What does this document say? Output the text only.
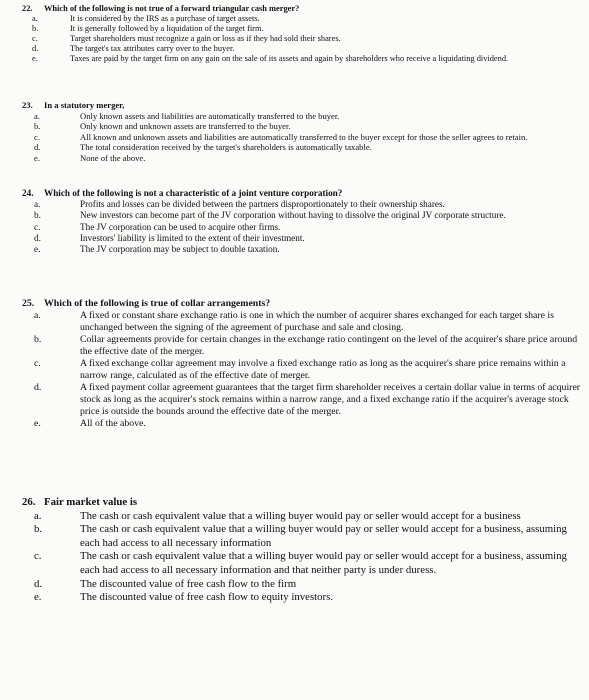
22.	Which of the following is not true of a forward triangular cash merger?
a.	It is considered by the IRS as a purchase of target assets.
b.	It is generally followed by a liquidation of the target firm.
c.	Target shareholders must recognize a gain or loss as if they had sold their shares.
d.	The target's tax attributes carry over to the buyer.
e.	Taxes are paid by the target firm on any gain on the sale of its assets and again by shareholders who receive a liquidating dividend.
23.	In a statutory merger,
a.	Only known assets and liabilities are automatically transferred to the buyer.
b.	Only known and unknown assets are transferred to the buyer.
c.	All known and unknown assets and liabilities are automatically transferred to the buyer except for those the seller agrees to retain.
d.	The total consideration received by the target's shareholders is automatically taxable.
e.	None of the above.
24.	Which of the following is not a characteristic of a joint venture corporation?
a.	Profits and losses can be divided between the partners disproportionately to their ownership shares.
b.	New investors can become part of the JV corporation without having to dissolve the original JV corporate structure.
c.	The JV corporation can be used to acquire other firms.
d.	Investors' liability is limited to the extent of their investment.
e.	The JV corporation may be subject to double taxation.
25. Which of the following is true of collar arrangements?
a.	A fixed or constant share exchange ratio is one in which the number of acquirer shares exchanged for each target share is unchanged between the signing of the agreement of purchase and sale and closing.
b.	Collar agreements provide for certain changes in the exchange ratio contingent on the level of the acquirer's share price around the effective date of the merger.
c.	A fixed exchange collar agreement may involve a fixed exchange ratio as long as the acquirer's share price remains within a narrow range, calculated as of the effective date of merger.
d.	A fixed payment collar agreement guarantees that the target firm shareholder receives a certain dollar value in terms of acquirer stock as long as the acquirer's stock remains within a narrow range, and a fixed exchange ratio if the acquirer's average stock price is outside the bounds around the effective date of the merger.
e.	All of the above.
26. Fair market value is
a.	The cash or cash equivalent value that a willing buyer would pay or seller would accept for a business
b.	The cash or cash equivalent value that a willing buyer would pay or seller would accept for a business, assuming each had access to all necessary information
c.	The cash or cash equivalent value that a willing buyer would pay or seller would accept for a business, assuming each had access to all necessary information and that neither party is under duress.
d.	The discounted value of free cash flow to the firm
e.	The discounted value of free cash flow to equity investors.
